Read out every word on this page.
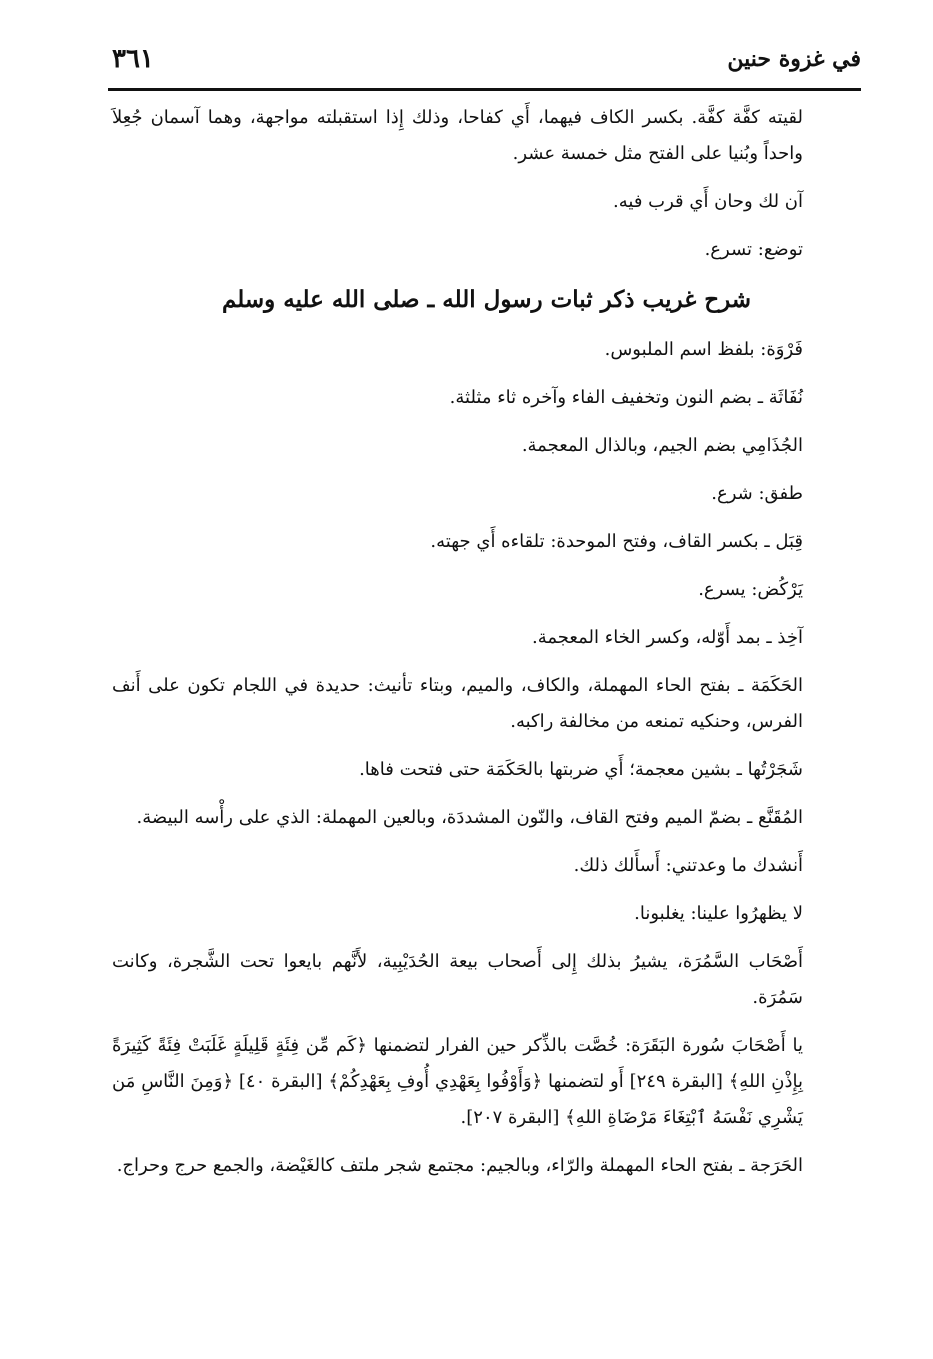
في غزوة حنين
٣٦١

لقيته كفَّة كفَّة. بكسر الكاف فيهما، أَي كفاحا، وذلك إِذا استقبلته مواجهة، وهما آسمان جُعِلاَ واحداً وبُنيا على الفتح مثل خمسة عشر.

آن لك وحان أَي قرب فيه.

توضع: تسرع.

شرح غريب ذكر ثبات رسول الله ـ صلى الله عليه وسلم

فَرْوَة: بلفظ اسم الملبوس.

نُفَاثَة ـ بضم النون وتخفيف الفاء وآخره ثاء مثلثة.

الجُذَامِي بضم الجيم، وبالذال المعجمة.

طفق: شرع.

قِبَل ـ بكسر القاف، وفتح الموحدة: تلقاءه أَي جهته.

يَرْكُض: يسرع.

آخِذ ـ بمد أَوّله، وكسر الخاء المعجمة.

الحَكَمَة ـ بفتح الحاء المهملة، والكاف، والميم، وبتاء تأنيث: حديدة في اللجام تكون على أَنف الفرس، وحنكيه تمنعه من مخالفة راكبه.

شَجَرْتُها ـ بشين معجمة؛ أَي ضربتها بالحَكَمَة حتى فتحت فاها.

المُقَنَّع ـ بضمّ الميم وفتح القاف، والنّون المشددَة، وبالعين المهملة: الذي على رأْسه البيضة.

أَنشدك ما وعدتني: أَسأَلك ذلك.

لا يظهرُوا علينا: يغلبونا.

أَصْحَاب السَّمُرَة، يشيرُ بذلك إِلى أَصحاب بيعة الحُدَيْبِية، لأَنَّهم بايعوا تحت الشَّجرة، وكانت سَمُرَة.

يا أَصْحَابَ سُورة البَقَرَة: خُصَّت بالذِّكر حين الفرار لتضمنها ﴿كَم مِّن فِئَةٍ قَلِيلَةٍ غَلَبَتْ فِئَةً كَثِيرَةً بِإِذْنِ اللهِ﴾ [البقرة ٢٤٩] أَو لتضمنها ﴿وَأَوْفُوا بِعَهْدِي أُوفِ بِعَهْدِكُمْ﴾ [البقرة ٤٠] ﴿وَمِنَ النَّاسِ مَن يَشْرِي نَفْسَهُ ٱبْتِغَاءَ مَرْضَاةِ اللهِ﴾ [البقرة ٢٠٧].

الحَرَجة ـ بفتح الحاء المهملة والرّاء، وبالجيم: مجتمع شجر ملتف كالغَيْضة، والجمع حرج وحراج.
